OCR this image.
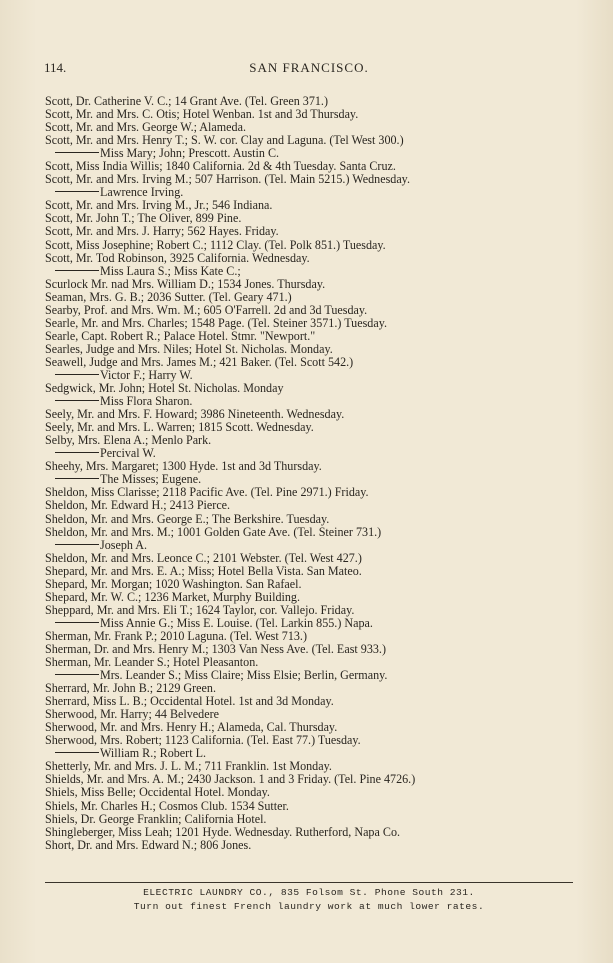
114.	SAN FRANCISCO.
Scott, Dr. Catherine V. C.; 14 Grant Ave. (Tel. Green 371.)
Scott, Mr. and Mrs. C. Otis; Hotel Wenban. 1st and 3d Thursday.
Scott, Mr. and Mrs. George W.; Alameda.
Scott, Mr. and Mrs. Henry T.; S. W. cor. Clay and Laguna. (Tel West 300.)
Miss Mary; John; Prescott. Austin C.
Scott, Miss India Willis; 1840 California. 2d & 4th Tuesday. Santa Cruz.
Scott, Mr. and Mrs. Irving M.; 507 Harrison. (Tel. Main 5215.) Wednesday.
Lawrence Irving.
Scott, Mr. and Mrs. Irving M., Jr.; 546 Indiana.
Scott, Mr. John T.; The Oliver, 899 Pine.
Scott, Mr. and Mrs. J. Harry; 562 Hayes. Friday.
Scott, Miss Josephine; Robert C.; 1112 Clay. (Tel. Polk 851.) Tuesday.
Scott, Mr. Tod Robinson, 3925 California. Wednesday.
Miss Laura S.; Miss Kate C.;
Scurlock Mr. nad Mrs. William D.; 1534 Jones. Thursday.
Seaman, Mrs. G. B.; 2036 Sutter. (Tel. Geary 471.)
Searby, Prof. and Mrs. Wm. M.; 605 O'Farrell. 2d and 3d Tuesday.
Searle, Mr. and Mrs. Charles; 1548 Page. (Tel. Steiner 3571.) Tuesday.
Searle, Capt. Robert R.; Palace Hotel. Stmr. "Newport."
Searles, Judge and Mrs. Niles; Hotel St. Nicholas. Monday.
Seawell, Judge and Mrs. James M.; 421 Baker. (Tel. Scott 542.)
Victor F.; Harry W.
Sedgwick, Mr. John; Hotel St. Nicholas. Monday
Miss Flora Sharon.
Seely, Mr. and Mrs. F. Howard; 3986 Nineteenth. Wednesday.
Seely, Mr. and Mrs. L. Warren; 1815 Scott. Wednesday.
Selby, Mrs. Elena A.; Menlo Park.
Percival W.
Sheehy, Mrs. Margaret; 1300 Hyde. 1st and 3d Thursday.
The Misses; Eugene.
Sheldon, Miss Clarisse; 2118 Pacific Ave. (Tel. Pine 2971.) Friday.
Sheldon, Mr. Edward H.; 2413 Pierce.
Sheldon, Mr. and Mrs. George E.; The Berkshire. Tuesday.
Sheldon, Mr. and Mrs. M.; 1001 Golden Gate Ave. (Tel. Steiner 731.)
Joseph A.
Sheldon, Mr. and Mrs. Leonce C.; 2101 Webster. (Tel. West 427.)
Shepard, Mr. and Mrs. E. A.; Miss; Hotel Bella Vista. San Mateo.
Shepard, Mr. Morgan; 1020 Washington. San Rafael.
Shepard, Mr. W. C.; 1236 Market, Murphy Building.
Sheppard, Mr. and Mrs. Eli T.; 1624 Taylor, cor. Vallejo. Friday.
Miss Annie G.; Miss E. Louise. (Tel. Larkin 855.) Napa.
Sherman, Mr. Frank P.; 2010 Laguna. (Tel. West 713.)
Sherman, Dr. and Mrs. Henry M.; 1303 Van Ness Ave. (Tel. East 933.)
Sherman, Mr. Leander S.; Hotel Pleasanton.
Mrs. Leander S.; Miss Claire; Miss Elsie; Berlin, Germany.
Sherrard, Mr. John B.; 2129 Green.
Sherrard, Miss L. B.; Occidental Hotel. 1st and 3d Monday.
Sherwood, Mr. Harry; 44 Belvedere
Sherwood, Mr. and Mrs. Henry H.; Alameda, Cal. Thursday.
Sherwood, Mrs. Robert; 1123 California. (Tel. East 77.) Tuesday.
William R.; Robert L.
Shetterly, Mr. and Mrs. J. L. M.; 711 Franklin. 1st Monday.
Shields, Mr. and Mrs. A. M.; 2430 Jackson. 1 and 3 Friday. (Tel. Pine 4726.)
Shiels, Miss Belle; Occidental Hotel. Monday.
Shiels, Mr. Charles H.; Cosmos Club. 1534 Sutter.
Shiels, Dr. George Franklin; California Hotel.
Shingleberger, Miss Leah; 1201 Hyde. Wednesday. Rutherford, Napa Co.
Short, Dr. and Mrs. Edward N.; 806 Jones.
ELECTRIC LAUNDRY CO., 835 Folsom St. Phone South 231.
Turn out finest French laundry work at much lower rates.
